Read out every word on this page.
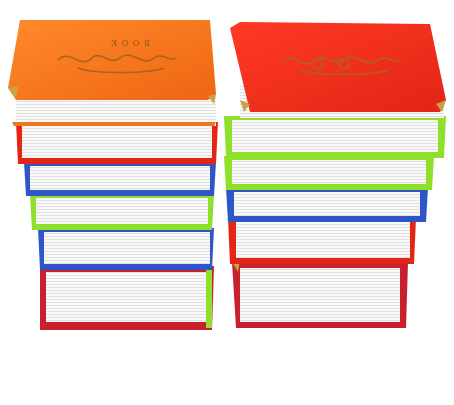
B O O K
